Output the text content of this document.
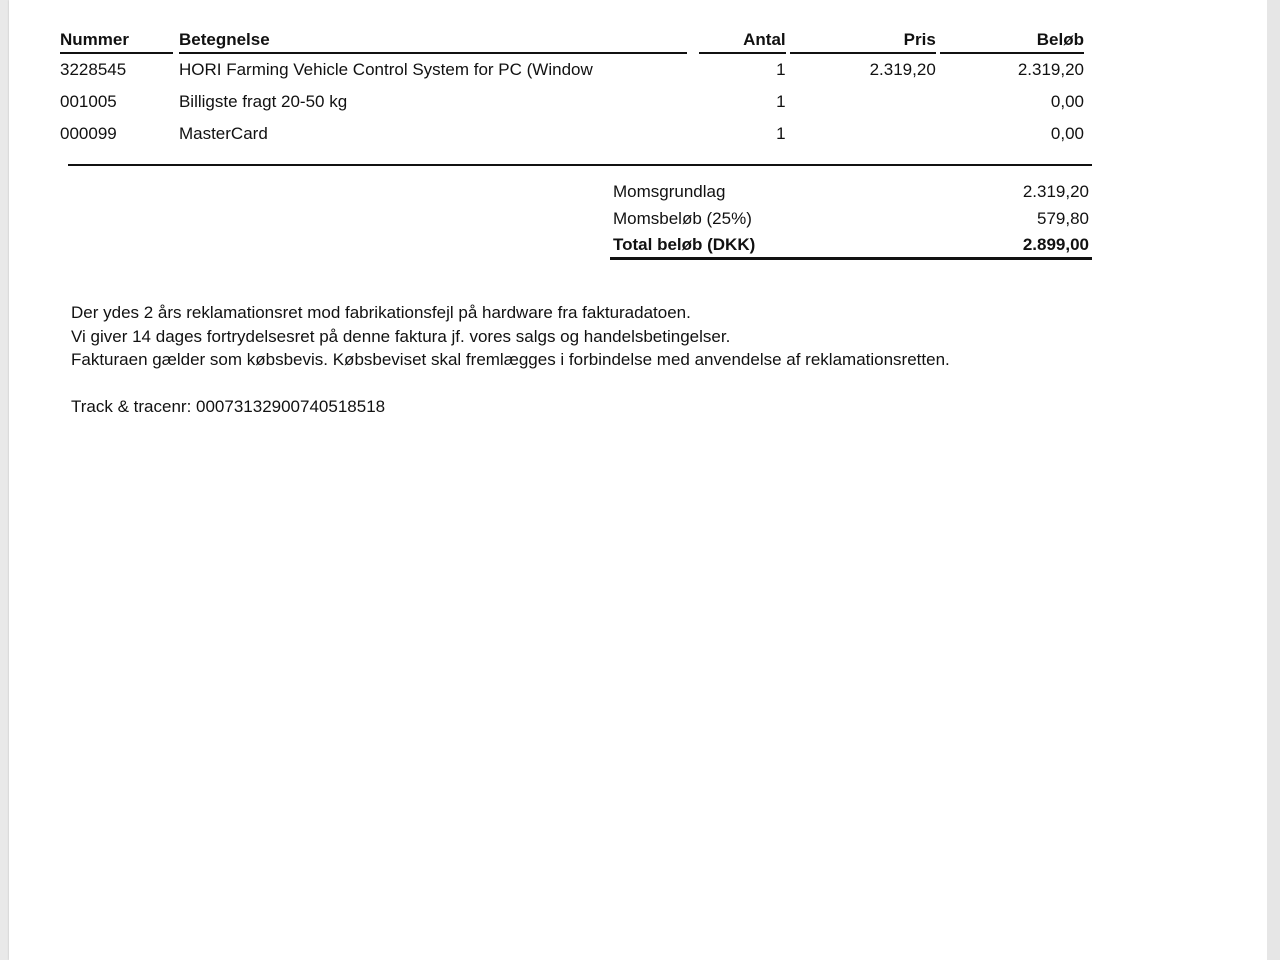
Nummer	Betegnelse		Antal	Pris	Beløb

3228545	HORI Farming Vehicle Control System for PC (Window		1	2.319,20	2.319,20
001005	Billigste fragt 20-50 kg		1		0,00
000099	MasterCard		1		0,00
Momsgrundlag	2.319,20
Momsbeløb (25%)	579,80
Total beløb (DKK)	2.899,00

Der ydes 2 års reklamationsret mod fabrikationsfejl på hardware fra fakturadatoen.

Vi giver 14 dages fortrydelsesret på denne faktura jf. vores salgs og handelsbetingelser.

Fakturaen gælder som købsbevis. Købsbeviset skal fremlægges i forbindelse med anvendelse af reklamationsretten.

Track & tracenr: 00073132900740518518
